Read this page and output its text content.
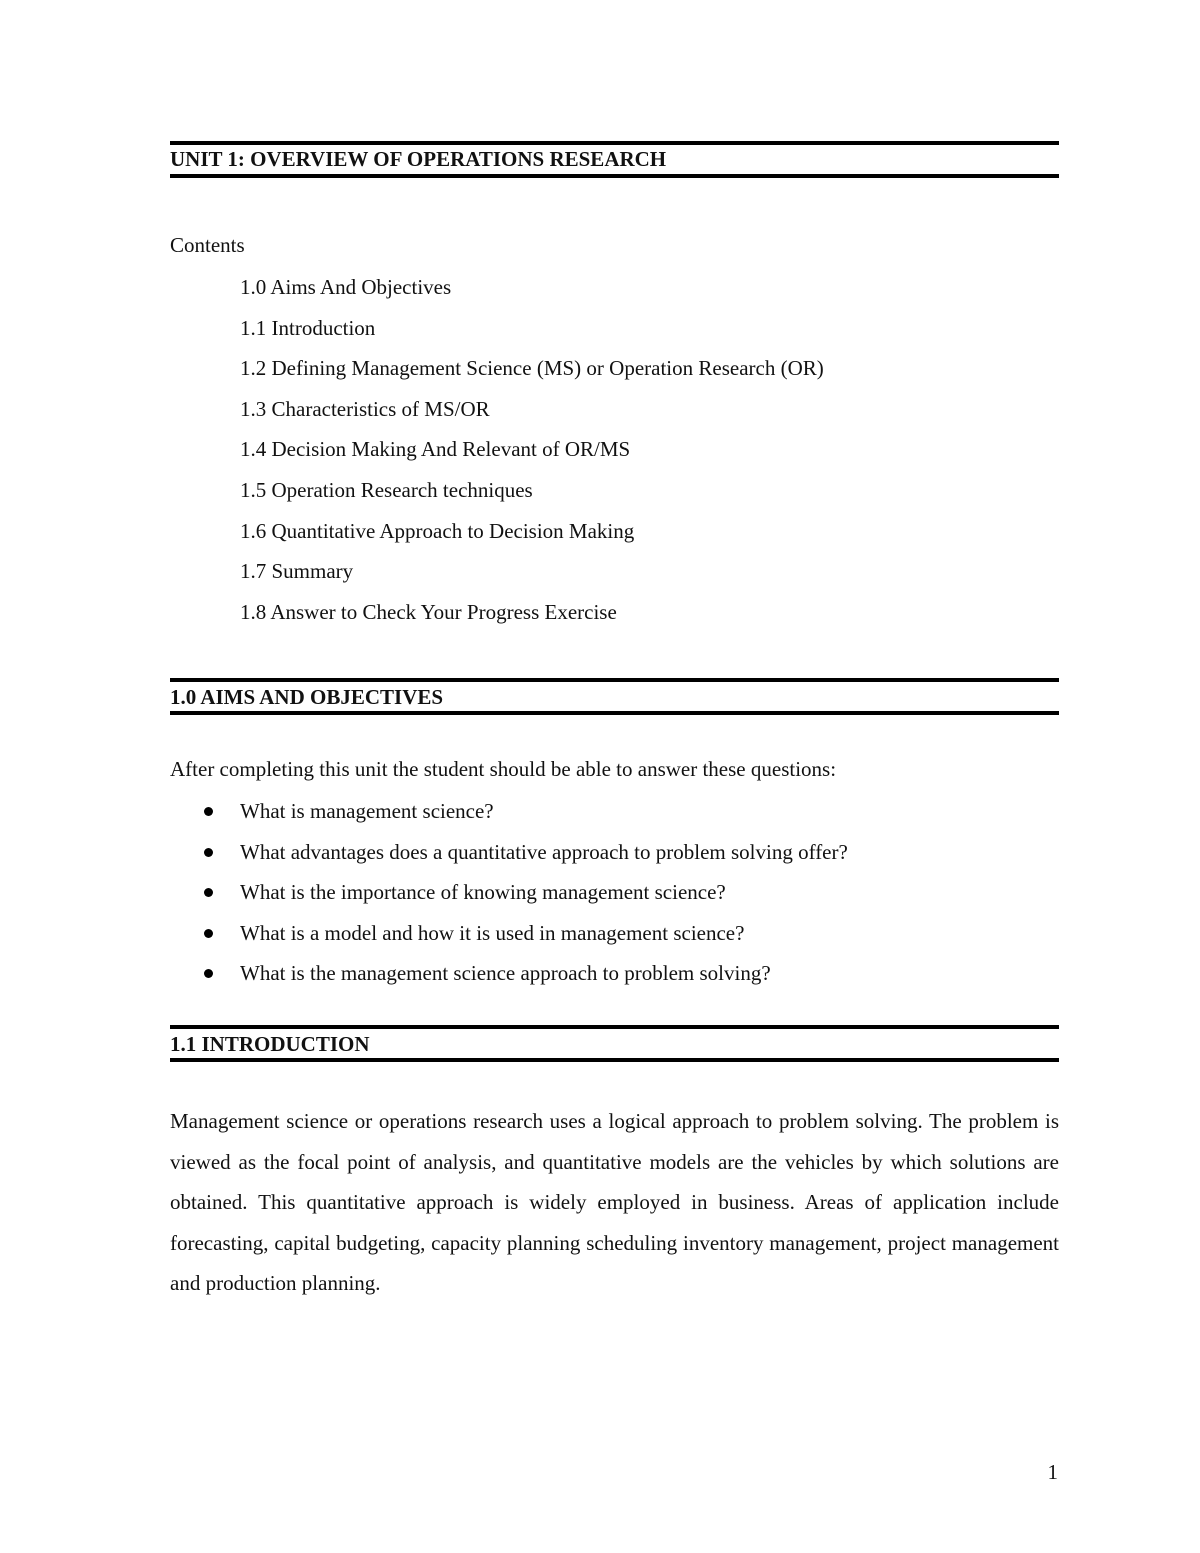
UNIT 1: OVERVIEW OF OPERATIONS RESEARCH
Contents
1.0 Aims And Objectives
1.1 Introduction
1.2 Defining Management Science (MS) or Operation Research (OR)
1.3 Characteristics of MS/OR
1.4 Decision Making And Relevant of OR/MS
1.5 Operation Research techniques
1.6 Quantitative Approach to Decision Making
1.7 Summary
1.8 Answer to Check Your Progress Exercise
1.0 AIMS AND OBJECTIVES
After completing this unit the student should be able to answer these questions:
What is management science?
What advantages does a quantitative approach to problem solving offer?
What is the importance of knowing management science?
What is a model and how it is used in management science?
What is the management science approach to problem solving?
1.1 INTRODUCTION

Management science or operations research uses a logical approach to problem solving. The problem is viewed as the focal point of analysis, and quantitative models are the vehicles by which solutions are obtained. This quantitative approach is widely employed in business. Areas of application include forecasting, capital budgeting, capacity planning scheduling inventory management, project management and production planning.

1
